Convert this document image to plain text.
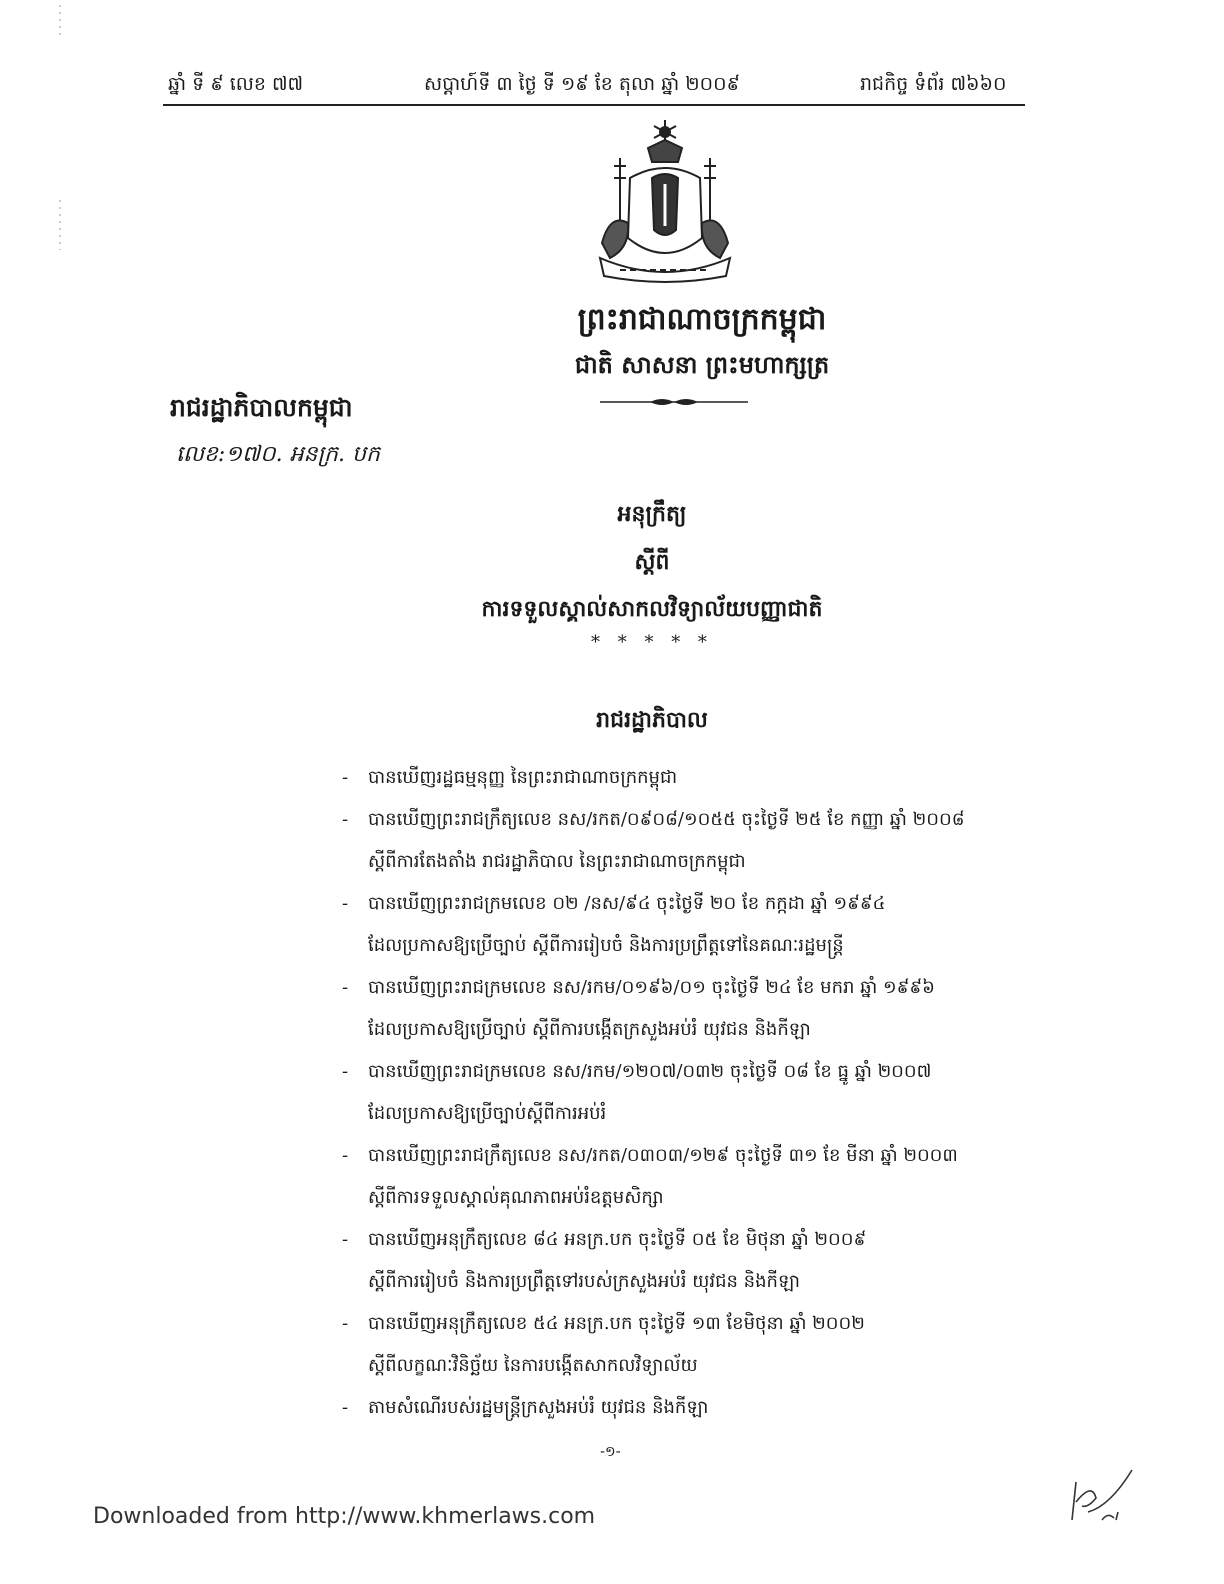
ឆ្នាំ ទី ៩ លេខ ៧៧	សប្តាហ៍ទី ៣ ថ្ងៃ ទី ១៩ ខែ តុលា ឆ្នាំ ២០០៩	រាជកិច្ច ទំព័រ ៧៦៦០
ព្រះរាជាណាចក្រកម្ពុជា
ជាតិ សាសនា ព្រះមហាក្សត្រ
រាជរដ្ឋាភិបាលកម្ពុជា
លេខ:១៧០. អនក្រ. បក
អនុក្រឹត្យ
ស្តីពី
ការទទួលស្គាល់សាកលវិទ្យាល័យបញ្ញាជាតិ
* * * * *
រាជរដ្ឋាភិបាល
- បានឃើញរដ្ឋធម្មនុញ្ញ នៃព្រះរាជាណាចក្រកម្ពុជា
- បានឃើញព្រះរាជក្រឹត្យលេខ នស/រកត/០៩០៨/១០៥៥ ចុះថ្ងៃទី ២៥ ខែ កញ្ញា ឆ្នាំ ២០០៨
ស្តីពីការតែងតាំង រាជរដ្ឋាភិបាល នៃព្រះរាជាណាចក្រកម្ពុជា
- បានឃើញព្រះរាជក្រមលេខ ០២ /នស/៩៤ ចុះថ្ងៃទី ២០ ខែ កក្កដា ឆ្នាំ ១៩៩៤
ដែលប្រកាសឱ្យប្រើច្បាប់ ស្តីពីការរៀបចំ និងការប្រព្រឹត្តទៅនៃគណៈរដ្ឋមន្ត្រី
- បានឃើញព្រះរាជក្រមលេខ នស/រកម/០១៩៦/០១ ចុះថ្ងៃទី ២៤ ខែ មករា ឆ្នាំ ១៩៩៦
ដែលប្រកាសឱ្យប្រើច្បាប់ ស្តីពីការបង្កើតក្រសួងអប់រំ យុវជន និងកីឡា
- បានឃើញព្រះរាជក្រមលេខ នស/រកម/១២០៧/០៣២ ចុះថ្ងៃទី ០៨ ខែ ធ្នូ ឆ្នាំ ២០០៧
ដែលប្រកាសឱ្យប្រើច្បាប់ស្តីពីការអប់រំ
- បានឃើញព្រះរាជក្រឹត្យលេខ នស/រកត/០៣០៣/១២៩ ចុះថ្ងៃទី ៣១ ខែ មីនា ឆ្នាំ ២០០៣
ស្តីពីការទទួលស្គាល់គុណភាពអប់រំឧត្តមសិក្សា
- បានឃើញអនុក្រឹត្យលេខ ៨៤ អនក្រ.បក ចុះថ្ងៃទី ០៥ ខែ មិថុនា ឆ្នាំ ២០០៩
ស្តីពីការរៀបចំ និងការប្រព្រឹត្តទៅរបស់ក្រសួងអប់រំ យុវជន និងកីឡា
- បានឃើញអនុក្រឹត្យលេខ ៥៤ អនក្រ.បក ចុះថ្ងៃទី ១៣ ខែមិថុនា ឆ្នាំ ២០០២
ស្តីពីលក្ខណៈវិនិច្ឆ័យ នៃការបង្កើតសាកលវិទ្យាល័យ
- តាមសំណើរបស់រដ្ឋមន្ត្រីក្រសួងអប់រំ យុវជន និងកីឡា
-១-
Downloaded from http://www.khmerlaws.com
